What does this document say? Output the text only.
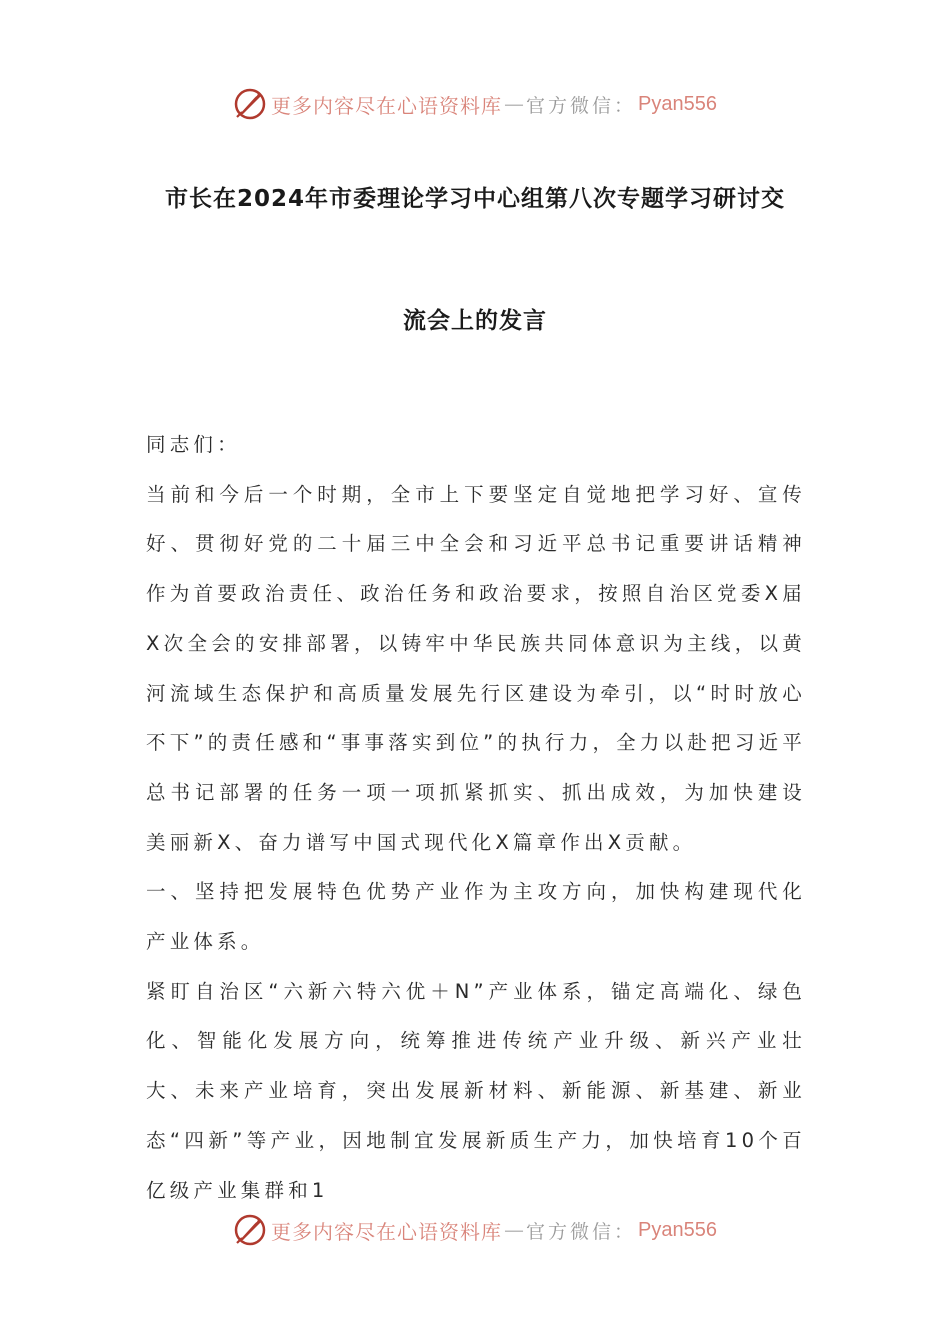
更多内容尽在心语资料库 — 官方微信： Pyan556
市长在2024年市委理论学习中心组第八次专题学习研讨交
流会上的发言

同志们：

当前和今后一个时期，全市上下要坚定自觉地把学习好、宣传好、贯彻好党的二十届三中全会和习近平总书记重要讲话精神作为首要政治责任、政治任务和政治要求，按照自治区党委X届X次全会的安排部署，以铸牢中华民族共同体意识为主线，以黄河流域生态保护和高质量发展先行区建设为牵引，以“时时放心不下”的责任感和“事事落实到位”的执行力，全力以赴把习近平总书记部署的任务一项一项抓紧抓实、抓出成效，为加快建设美丽新X、奋力谱写中国式现代化X篇章作出X贡献。

一、坚持把发展特色优势产业作为主攻方向，加快构建现代化产业体系。

紧盯自治区“六新六特六优＋N”产业体系，锚定高端化、绿色化、智能化发展方向，统筹推进传统产业升级、新兴产业壮大、未来产业培育，突出发展新材料、新能源、新基建、新业态“四新”等产业，因地制宜发展新质生产力，加快培育10个百亿级产业集群和1

更多内容尽在心语资料库 — 官方微信： Pyan556
